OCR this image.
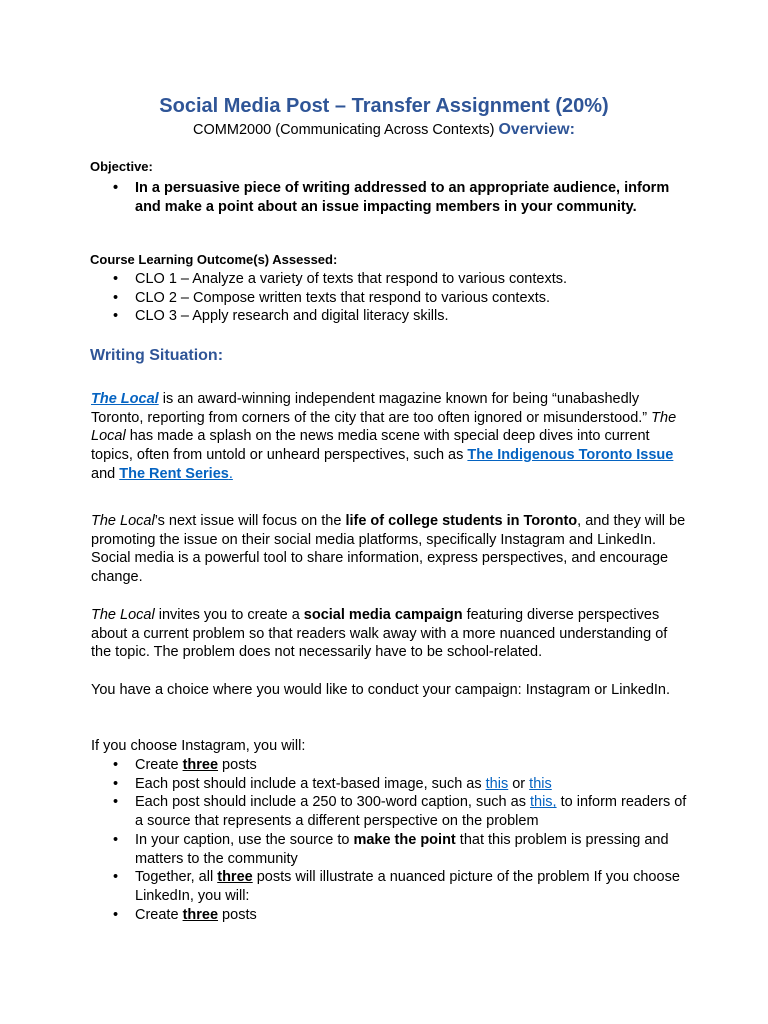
Social Media Post – Transfer Assignment (20%)

COMM2000 (Communicating Across Contexts) Overview:

Objective:

• In a persuasive piece of writing addressed to an appropriate audience, inform and make a point about an issue impacting members in your community.

Course Learning Outcome(s) Assessed:

• CLO 1 – Analyze a variety of texts that respond to various contexts.
• CLO 2 – Compose written texts that respond to various contexts.
• CLO 3 – Apply research and digital literacy skills.
Writing Situation:

The Local is an award-winning independent magazine known for being “unabashedly Toronto, reporting from corners of the city that are too often ignored or misunderstood.” The Local has made a splash on the news media scene with special deep dives into current topics, often from untold or unheard perspectives, such as The Indigenous Toronto Issue and The Rent Series.

The Local’s next issue will focus on the life of college students in Toronto, and they will be promoting the issue on their social media platforms, specifically Instagram and LinkedIn. Social media is a powerful tool to share information, express perspectives, and encourage change.

The Local invites you to create a social media campaign featuring diverse perspectives about a current problem so that readers walk away with a more nuanced understanding of the topic. The problem does not necessarily have to be school-related.

You have a choice where you would like to conduct your campaign: Instagram or LinkedIn.

If you choose Instagram, you will:

• Create three posts
• Each post should include a text-based image, such as this or this
• Each post should include a 250 to 300-word caption, such as this, to inform readers of a source that represents a different perspective on the problem
• In your caption, use the source to make the point that this problem is pressing and matters to the community
• Together, all three posts will illustrate a nuanced picture of the problem If you choose LinkedIn, you will:
• Create three posts
